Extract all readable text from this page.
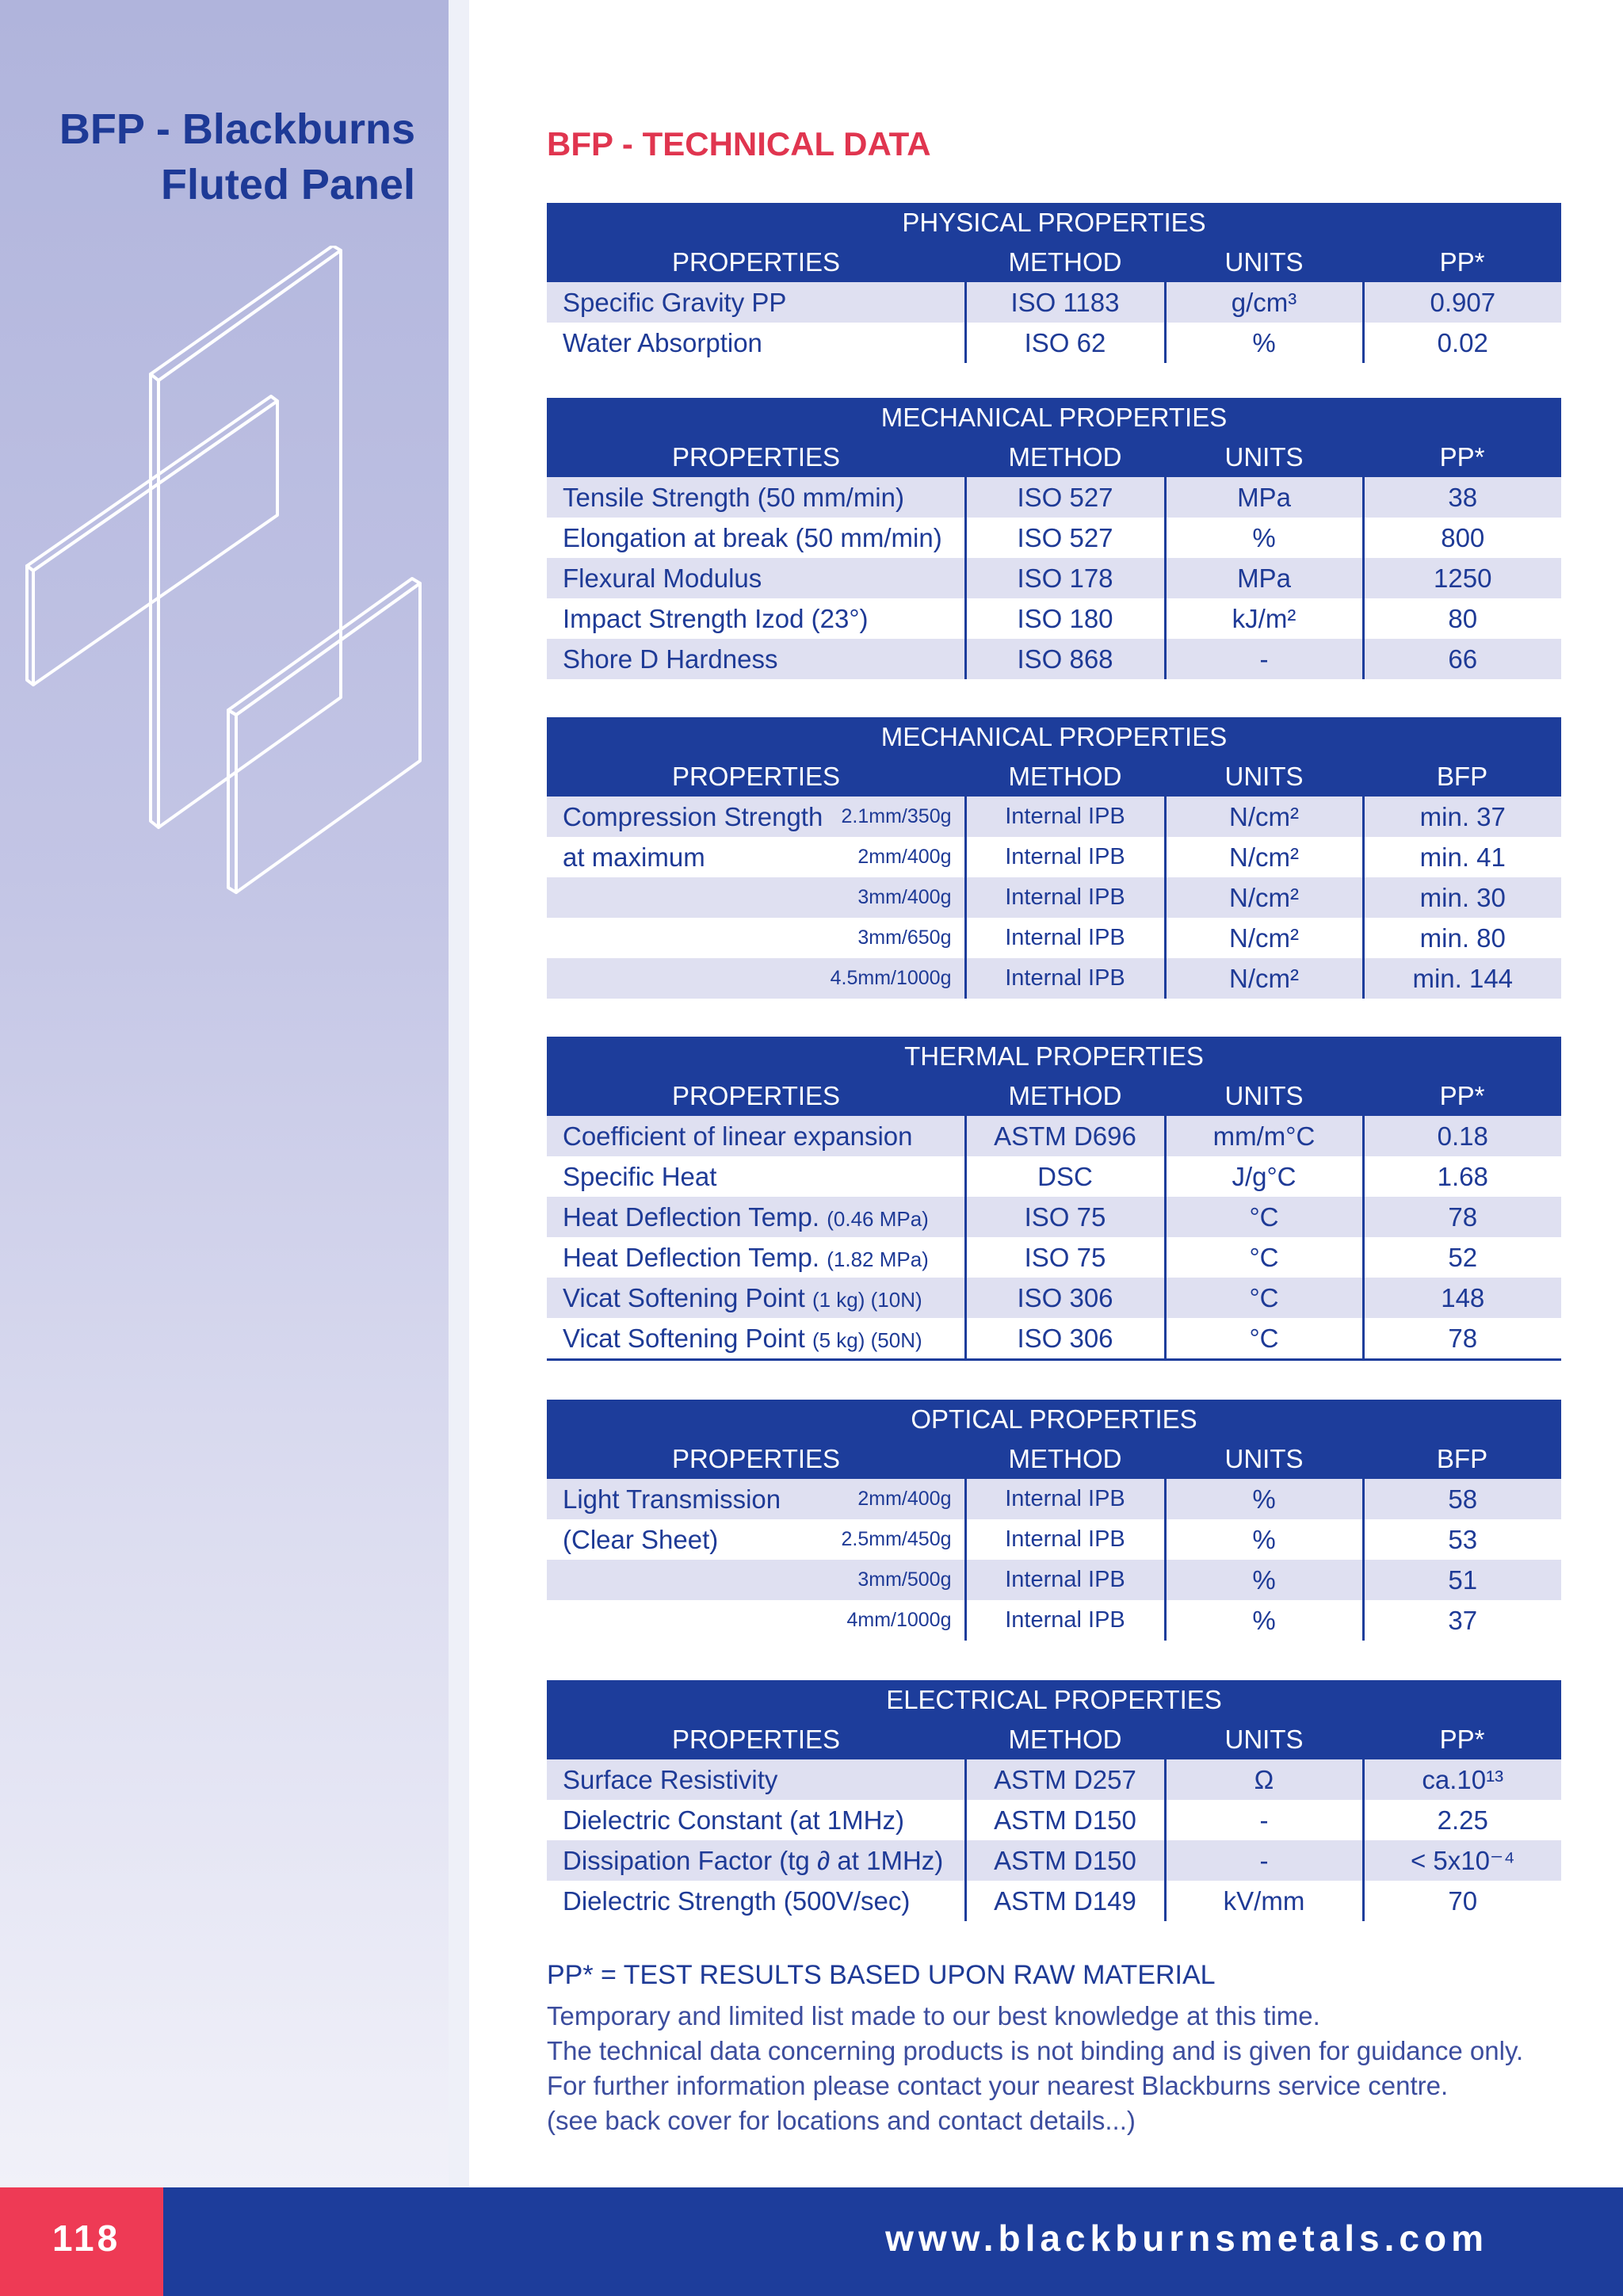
BFP - Blackburns
Fluted Panel
BFP - TECHNICAL DATA
PHYSICAL PROPERTIES			
PROPERTIES	METHOD	UNITS	PP*
Specific Gravity PP	ISO 1183	g/cm³	0.907
Water Absorption	ISO 62	%	0.02
MECHANICAL PROPERTIES			
PROPERTIES	METHOD	UNITS	PP*
Tensile Strength (50 mm/min)	ISO 527	MPa	38
Elongation at break (50 mm/min)	ISO 527	%	800
Flexural Modulus	ISO 178	MPa	1250
Impact Strength Izod (23°)	ISO 180	kJ/m²	80
Shore D Hardness	ISO 868	-	66
MECHANICAL PROPERTIES			
PROPERTIES	METHOD	UNITS	BFP
Compression Strength 2.1mm/350g	Internal IPB	N/cm²	min. 37
at maximum 2mm/400g	Internal IPB	N/cm²	min. 41

3mm/400g	Internal IPB	N/cm²	min. 30

3mm/650g	Internal IPB	N/cm²	min. 80

4.5mm/1000g	Internal IPB	N/cm²	min. 144
THERMAL PROPERTIES			
PROPERTIES	METHOD	UNITS	PP*
Coefficient of linear expansion	ASTM D696	mm/m°C	0.18
Specific Heat	DSC	J/g°C	1.68
Heat Deflection Temp. (0.46 MPa)	ISO 75	°C	78
Heat Deflection Temp. (1.82 MPa)	ISO 75	°C	52
Vicat Softening Point (1 kg) (10N)	ISO 306	°C	148
Vicat Softening Point (5 kg) (50N)	ISO 306	°C	78
OPTICAL PROPERTIES			
PROPERTIES	METHOD	UNITS	BFP
Light Transmission 2mm/400g	Internal IPB	%	58
(Clear Sheet) 2.5mm/450g	Internal IPB	%	53

3mm/500g	Internal IPB	%	51

4mm/1000g	Internal IPB	%	37
ELECTRICAL PROPERTIES			
PROPERTIES	METHOD	UNITS	PP*
Surface Resistivity	ASTM D257	Ω	ca.10¹³
Dielectric Constant (at 1MHz)	ASTM D150	-	2.25
Dissipation Factor (tg ∂ at 1MHz)	ASTM D150	-	< 5x10⁻⁴
Dielectric Strength (500V/sec)	ASTM D149	kV/mm	70

PP* = TEST RESULTS BASED UPON RAW MATERIAL

Temporary and limited list made to our best knowledge at this time.

The technical data concerning products is not binding and is given for guidance only.

For further information please contact your nearest Blackburns service centre.

(see back cover for locations and contact details...)

118	www.blackburnsmetals.com
